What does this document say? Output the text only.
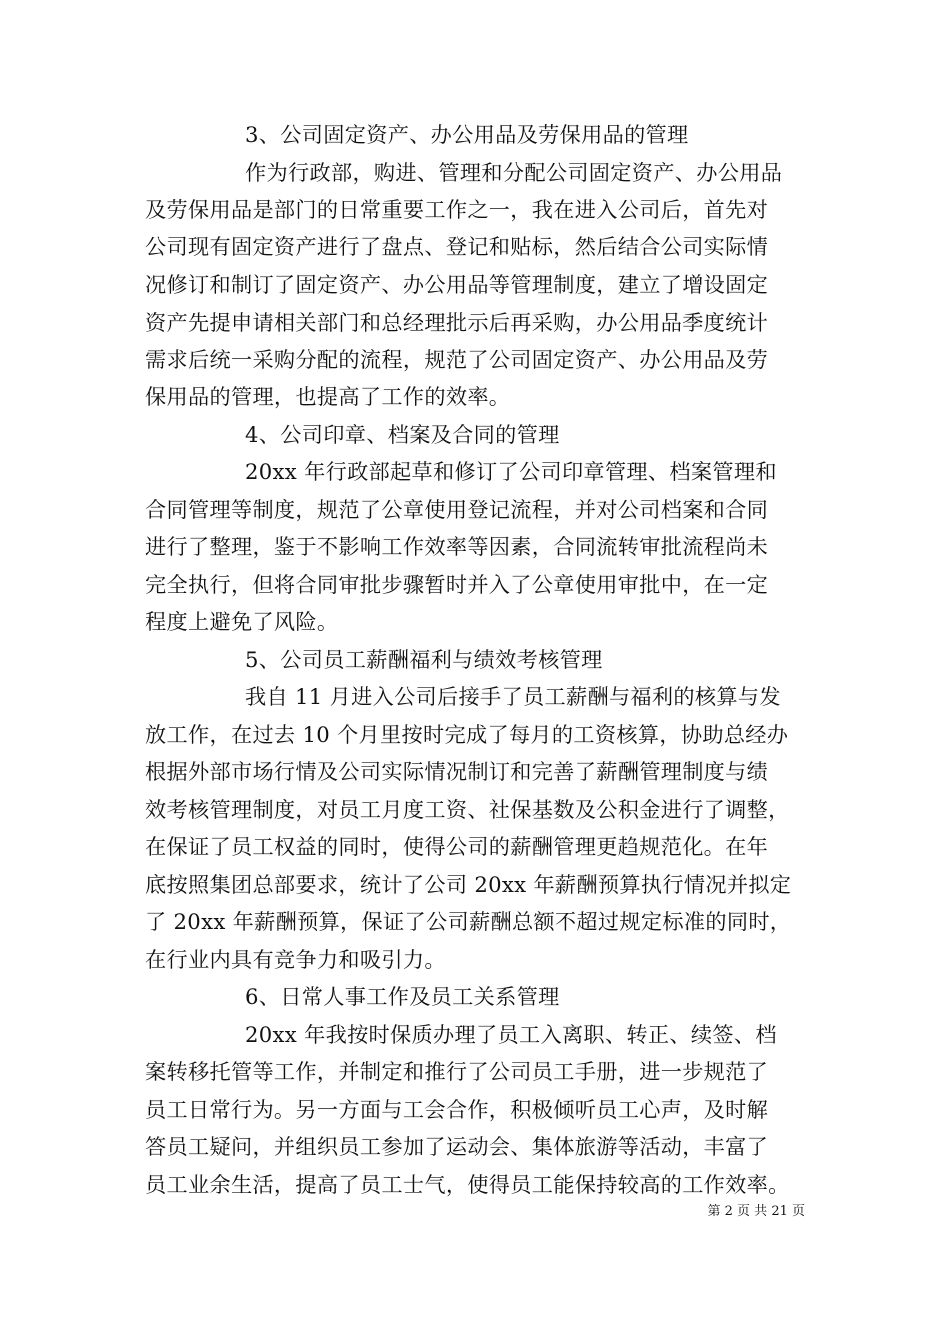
3、公司固定资产、办公用品及劳保用品的管理
作为行政部，购进、管理和分配公司固定资产、办公用品
及劳保用品是部门的日常重要工作之一，我在进入公司后，首先对
公司现有固定资产进行了盘点、登记和贴标，然后结合公司实际情
况修订和制订了固定资产、办公用品等管理制度，建立了增设固定
资产先提申请相关部门和总经理批示后再采购，办公用品季度统计
需求后统一采购分配的流程，规范了公司固定资产、办公用品及劳
保用品的管理，也提高了工作的效率。
4、公司印章、档案及合同的管理
20xx 年行政部起草和修订了公司印章管理、档案管理和
合同管理等制度，规范了公章使用登记流程，并对公司档案和合同
进行了整理，鉴于不影响工作效率等因素，合同流转审批流程尚未
完全执行，但将合同审批步骤暂时并入了公章使用审批中，在一定
程度上避免了风险。
5、公司员工薪酬福利与绩效考核管理
我自 11 月进入公司后接手了员工薪酬与福利的核算与发
放工作，在过去 10 个月里按时完成了每月的工资核算，协助总经办
根据外部市场行情及公司实际情况制订和完善了薪酬管理制度与绩
效考核管理制度，对员工月度工资、社保基数及公积金进行了调整，
在保证了员工权益的同时，使得公司的薪酬管理更趋规范化。在年
底按照集团总部要求，统计了公司 20xx 年薪酬预算执行情况并拟定
了 20xx 年薪酬预算，保证了公司薪酬总额不超过规定标准的同时，
在行业内具有竞争力和吸引力。
6、日常人事工作及员工关系管理
20xx 年我按时保质办理了员工入离职、转正、续签、档
案转移托管等工作，并制定和推行了公司员工手册，进一步规范了
员工日常行为。另一方面与工会合作，积极倾听员工心声，及时解
答员工疑问，并组织员工参加了运动会、集体旅游等活动，丰富了
员工业余生活，提高了员工士气，使得员工能保持较高的工作效率。
第 2 页 共 21 页
